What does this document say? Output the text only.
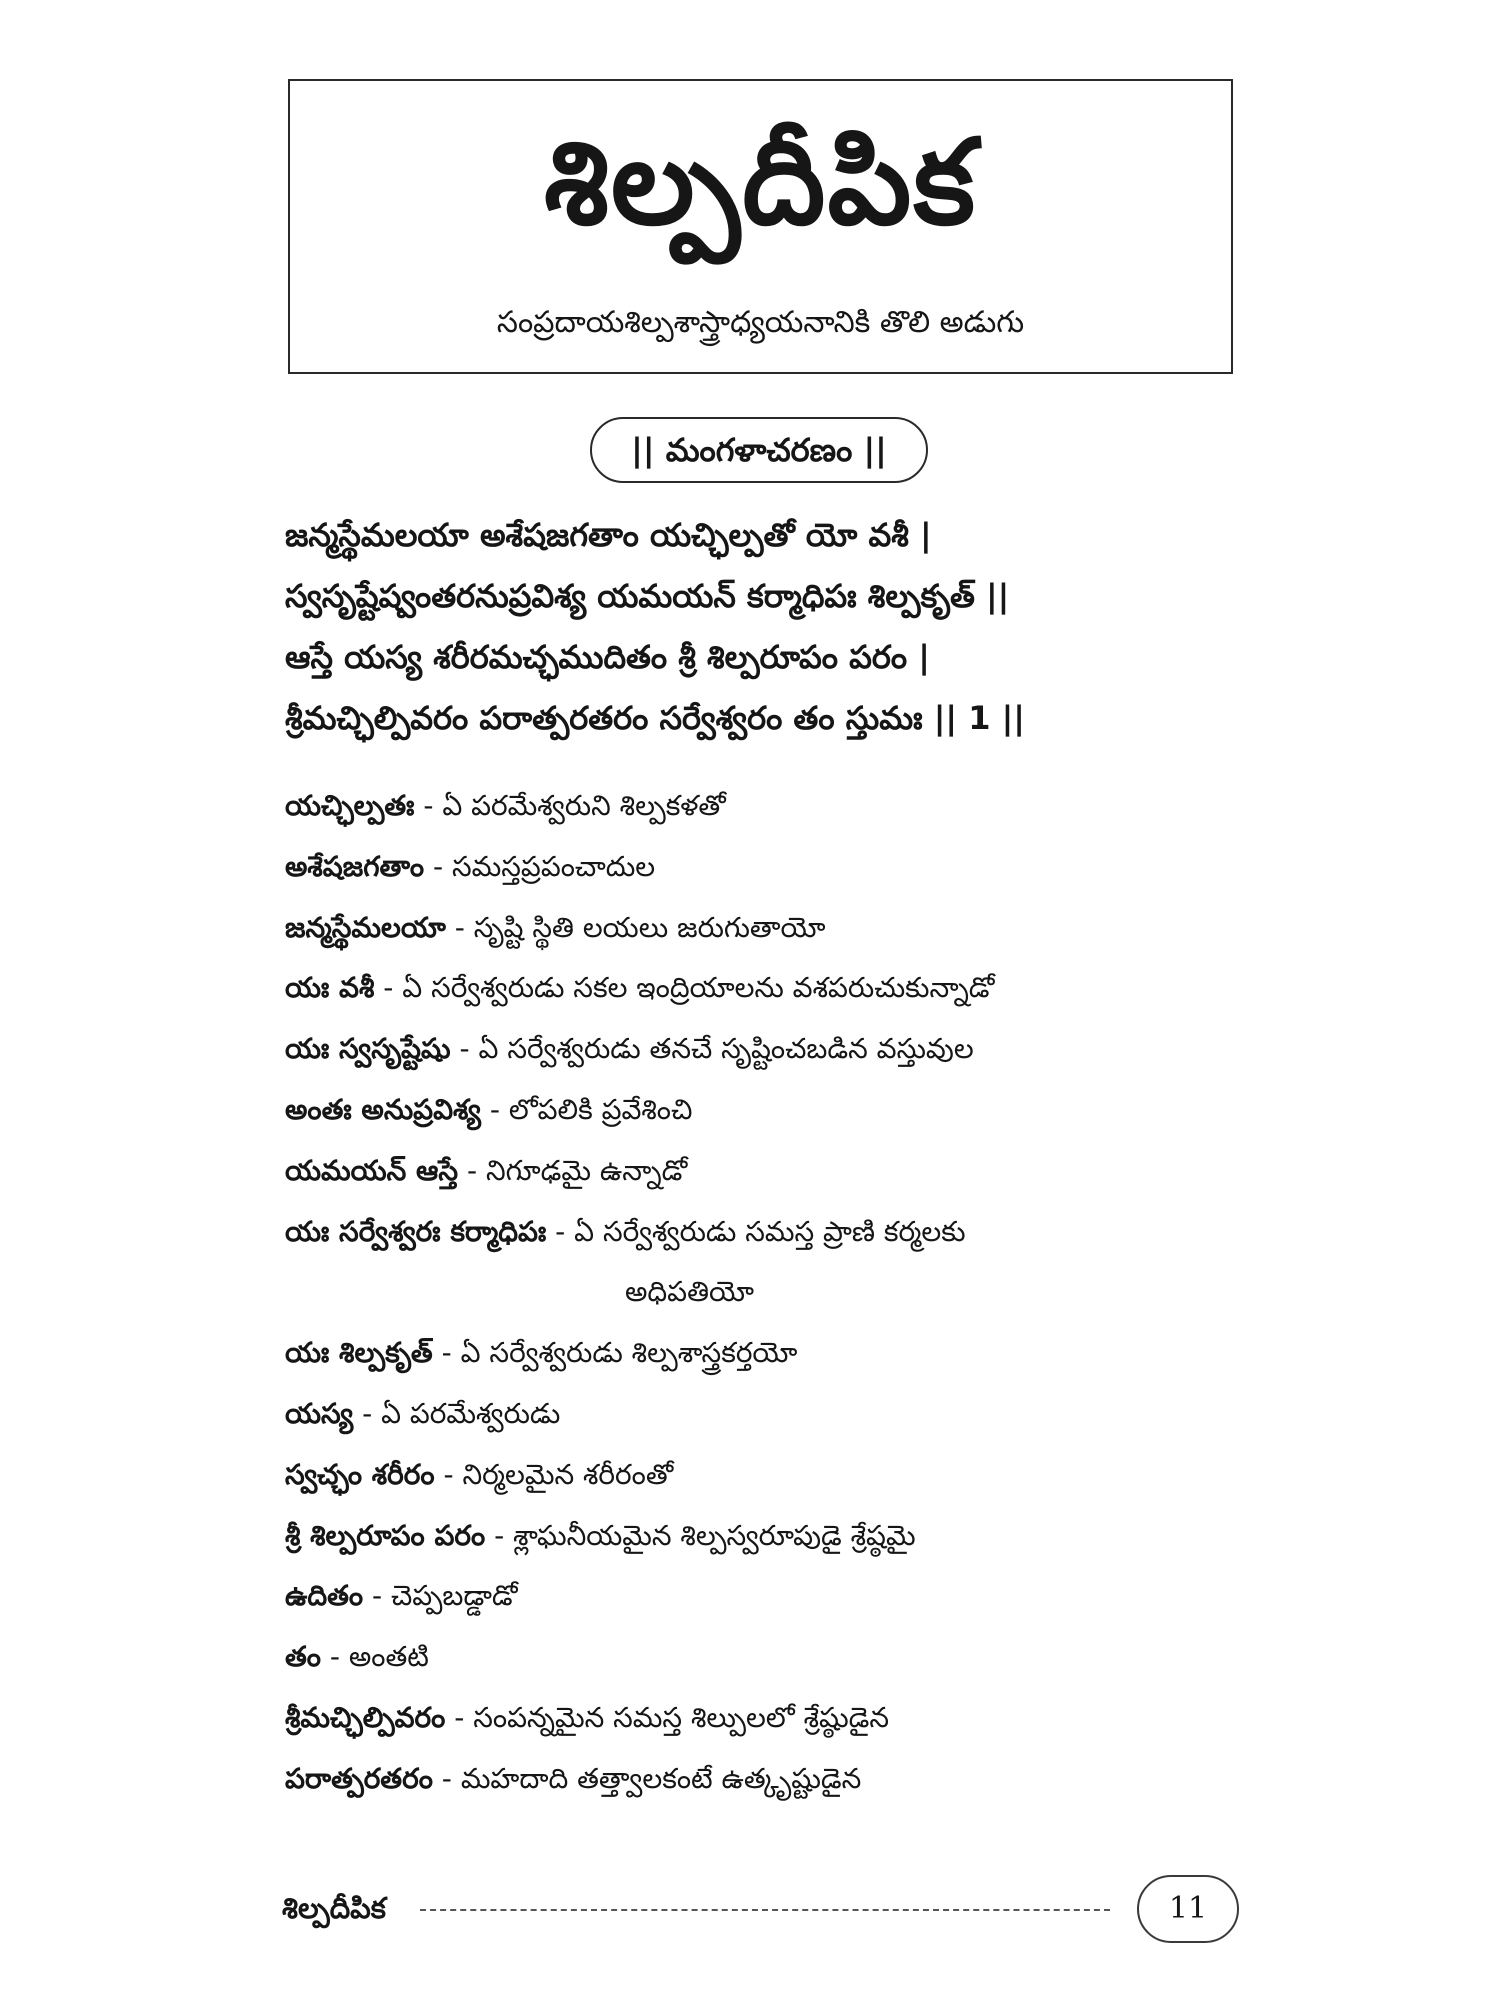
శిల్పదీపిక
సంప్రదాయశిల్పశాస్త్రాధ్యయనానికి తొలి అడుగు
|| మంగళాచరణం ||
జన్మస్థేమలయా అశేషజగతాం యచ్ఛిల్పతో యో వశీ |
స్వసృష్టేష్వంతరనుప్రవిశ్య యమయన్ కర్మాధిపః శిల్పకృత్ ||
ఆస్తే యస్య శరీరమచ్ఛముదితం శ్రీ శిల్పరూపం పరం |
శ్రీమచ్ఛిల్పివరం పరాత్పరతరం సర్వేశ్వరం తం స్తుమః || 1 ||
యచ్ఛిల్పతః - ఏ పరమేశ్వరుని శిల్పకళతో
అశేషజగతాం - సమస్తప్రపంచాదుల
జన్మస్థేమలయా - సృష్టి స్థితి లయలు జరుగుతాయో
యః వశీ - ఏ సర్వేశ్వరుడు సకల ఇంద్రియాలను వశపరుచుకున్నాడో
యః స్వసృష్టేషు - ఏ సర్వేశ్వరుడు తనచే సృష్టించబడిన వస్తువుల
అంతః అనుప్రవిశ్య - లోపలికి ప్రవేశించి
యమయన్ ఆస్తే - నిగూఢమై ఉన్నాడో
యః సర్వేశ్వరః కర్మాధిపః - ఏ సర్వేశ్వరుడు సమస్త ప్రాణి కర్మలకు
అధిపతియో
యః శిల్పకృత్ - ఏ సర్వేశ్వరుడు శిల్పశాస్త్రకర్తయో
యస్య - ఏ పరమేశ్వరుడు
స్వచ్ఛం శరీరం - నిర్మలమైన శరీరంతో
శ్రీ శిల్పరూపం పరం - శ్లాఘనీయమైన శిల్పస్వరూపుడై శ్రేష్ఠమై
ఉదితం - చెప్పబడ్డాడో
తం - అంతటి
శ్రీమచ్ఛిల్పివరం - సంపన్నమైన సమస్త శిల్పులలో శ్రేష్ఠుడైన
పరాత్పరతరం - మహదాది తత్త్వాలకంటే ఉత్కృష్టుడైన
శిల్పదీపిక	11
